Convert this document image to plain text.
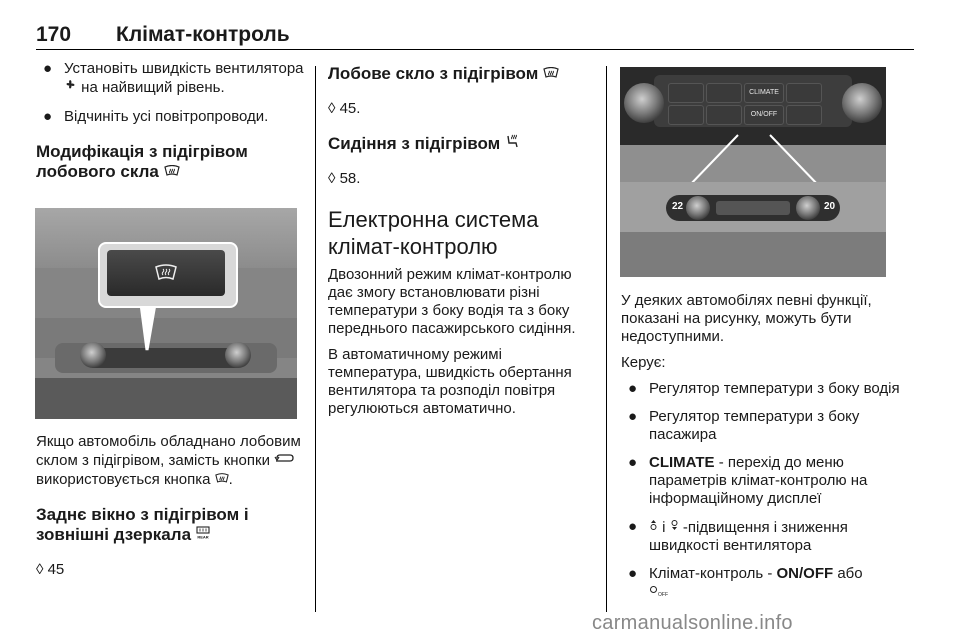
170 Клімат-контроль
● Установіть швидкість вентилятора  на найвищий рівень.
● Відчиніть усі повітропроводи.
Модифікація з підігрівом лобового скла

Якщо автомобіль обладнано лобовим склом з підігрівом, замість кнопки  використовується кнопка .

Заднє вікно з підігрівом і зовнішні дзеркала REAR

◊ 45

Лобове скло з підігрівом

◊ 45.

Сидіння з підігрівом

◊ 58.

Електронна система клімат-контролю

Двозонний режим клімат-контролю дає змогу встановлювати різні температури з боку водія та з боку переднього пасажирського сидіння.

В автоматичному режимі температура, швидкість обертання вентилятора та розподіл повітря регулюються автоматично.

CLIMATE
ON/OFF
22	20

У деяких автомобілях певні функції, показані на рисунку, можуть бути недоступними.

Керує:

● Регулятор температури з боку водія
● Регулятор температури з боку пасажира
● CLIMATE - перехід до меню параметрів клімат-контролю на інформаційному дисплеї
● і -підвищення і зниження швидкості вентилятора
● Клімат-контроль - ON/OFF або
OFF
carmanualsonline.info
